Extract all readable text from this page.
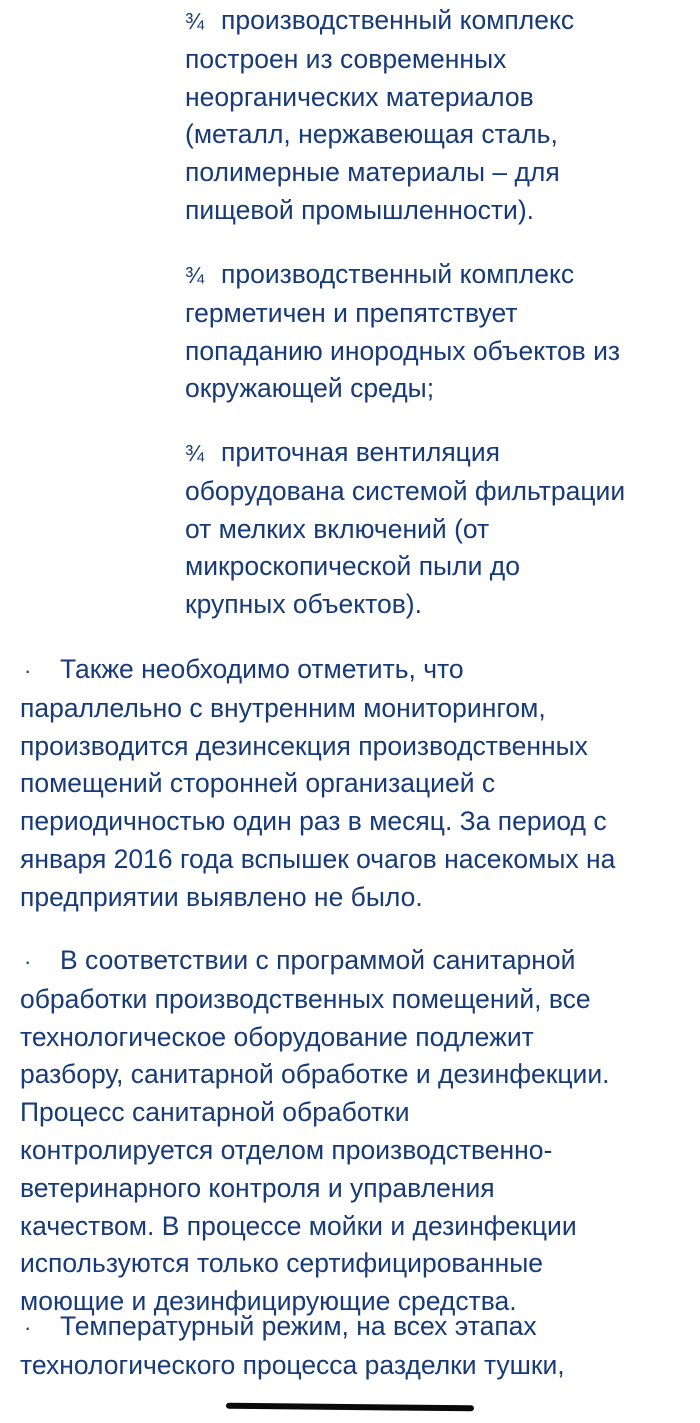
¾ производственный комплекс
построен из современных
неорганических материалов
(металл, нержавеющая сталь,
полимерные материалы – для
пищевой промышленности).
¾ производственный комплекс
герметичен и препятствует
попаданию инородных объектов из
окружающей среды;
¾ приточная вентиляция
оборудована системой фильтрации
от мелких включений (от
микроскопической пыли до
крупных объектов).
· Также необходимо отметить, что
параллельно с внутренним мониторингом,
производится дезинсекция производственных
помещений сторонней организацией с
периодичностью один раз в месяц. За период с
января 2016 года вспышек очагов насекомых на
предприятии выявлено не было.
· В соответствии с программой санитарной
обработки производственных помещений, все
технологическое оборудование подлежит
разбору, санитарной обработке и дезинфекции.
Процесс санитарной обработки
контролируется отделом производственно-
ветеринарного контроля и управления
качеством. В процессе мойки и дезинфекции
используются только сертифицированные
моющие и дезинфицирующие средства.
· Температурный режим, на всех этапах
технологического процесса разделки тушки,
